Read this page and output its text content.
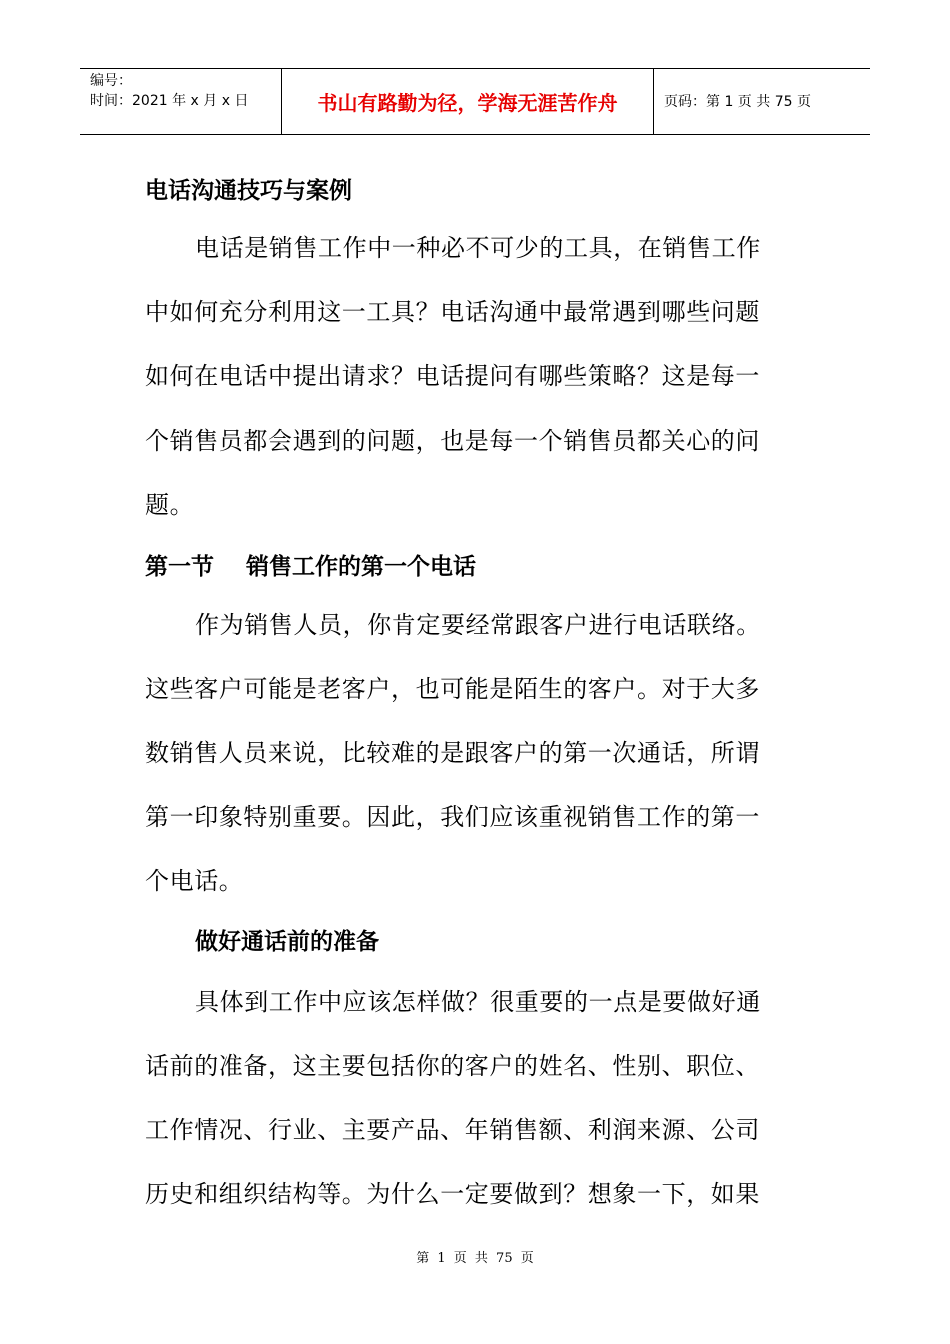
编号：
时间：2021 年 x 月 x 日	书山有路勤为径，学海无涯苦作舟	页码：第 1 页 共 75 页
电话沟通技巧与案例
电话是销售工作中一种必不可少的工具，在销售工作
中如何充分利用这一工具？电话沟通中最常遇到哪些问题
如何在电话中提出请求？电话提问有哪些策略？这是每一
个销售员都会遇到的问题，也是每一个销售员都关心的问
题。
第一节    销售工作的第一个电话
作为销售人员，你肯定要经常跟客户进行电话联络。
这些客户可能是老客户，也可能是陌生的客户。对于大多
数销售人员来说，比较难的是跟客户的第一次通话，所谓
第一印象特别重要。因此，我们应该重视销售工作的第一
个电话。
做好通话前的准备
具体到工作中应该怎样做？很重要的一点是要做好通
话前的准备，这主要包括你的客户的姓名、性别、职位、
工作情况、行业、主要产品、年销售额、利润来源、公司
历史和组织结构等。为什么一定要做到？想象一下，如果
第 1 页 共 75 页
